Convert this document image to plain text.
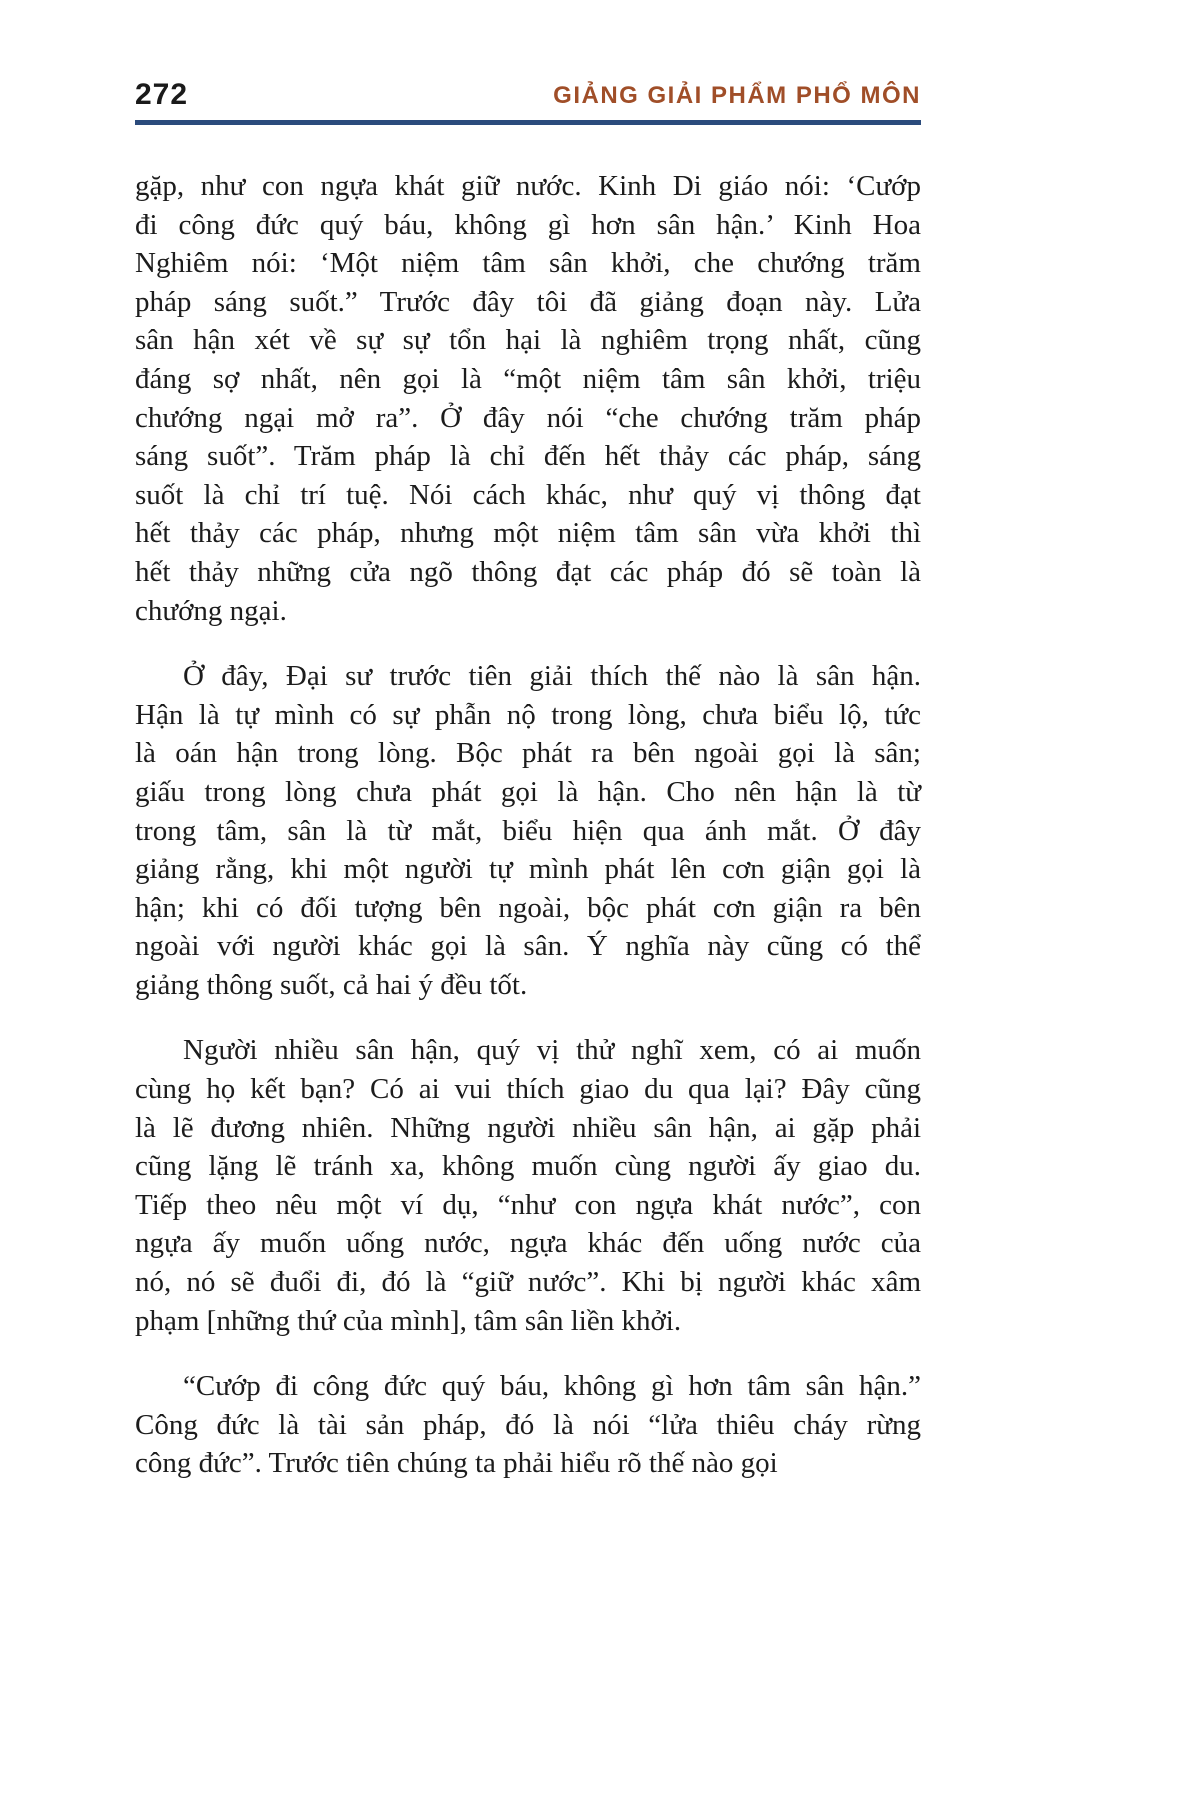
272	GIẢNG GIẢI PHẨM PHỔ MÔN
gặp, như con ngựa khát giữ nước. Kinh Di giáo nói: ‘Cướp
đi công đức quý báu, không gì hơn sân hận.’ Kinh Hoa
Nghiêm nói: ‘Một niệm tâm sân khởi, che chướng trăm
pháp sáng suốt.” Trước đây tôi đã giảng đoạn này. Lửa
sân hận xét về sự sự tổn hại là nghiêm trọng nhất, cũng
đáng sợ nhất, nên gọi là “một niệm tâm sân khởi, triệu
chướng ngại mở ra”. Ở đây nói “che chướng trăm pháp
sáng suốt”. Trăm pháp là chỉ đến hết thảy các pháp, sáng
suốt là chỉ trí tuệ. Nói cách khác, như quý vị thông đạt
hết thảy các pháp, nhưng một niệm tâm sân vừa khởi thì
hết thảy những cửa ngõ thông đạt các pháp đó sẽ toàn là
chướng ngại.
Ở đây, Đại sư trước tiên giải thích thế nào là sân hận.
Hận là tự mình có sự phẫn nộ trong lòng, chưa biểu lộ, tức
là oán hận trong lòng. Bộc phát ra bên ngoài gọi là sân;
giấu trong lòng chưa phát gọi là hận. Cho nên hận là từ
trong tâm, sân là từ mắt, biểu hiện qua ánh mắt. Ở đây
giảng rằng, khi một người tự mình phát lên cơn giận gọi là
hận; khi có đối tượng bên ngoài, bộc phát cơn giận ra bên
ngoài với người khác gọi là sân. Ý nghĩa này cũng có thể
giảng thông suốt, cả hai ý đều tốt.
Người nhiều sân hận, quý vị thử nghĩ xem, có ai muốn
cùng họ kết bạn? Có ai vui thích giao du qua lại? Đây cũng
là lẽ đương nhiên. Những người nhiều sân hận, ai gặp phải
cũng lặng lẽ tránh xa, không muốn cùng người ấy giao du.
Tiếp theo nêu một ví dụ, “như con ngựa khát nước”, con
ngựa ấy muốn uống nước, ngựa khác đến uống nước của
nó, nó sẽ đuổi đi, đó là “giữ nước”. Khi bị người khác xâm
phạm [những thứ của mình], tâm sân liền khởi.
“Cướp đi công đức quý báu, không gì hơn tâm sân hận.”
Công đức là tài sản pháp, đó là nói “lửa thiêu cháy rừng
công đức”. Trước tiên chúng ta phải hiểu rõ thế nào gọi
